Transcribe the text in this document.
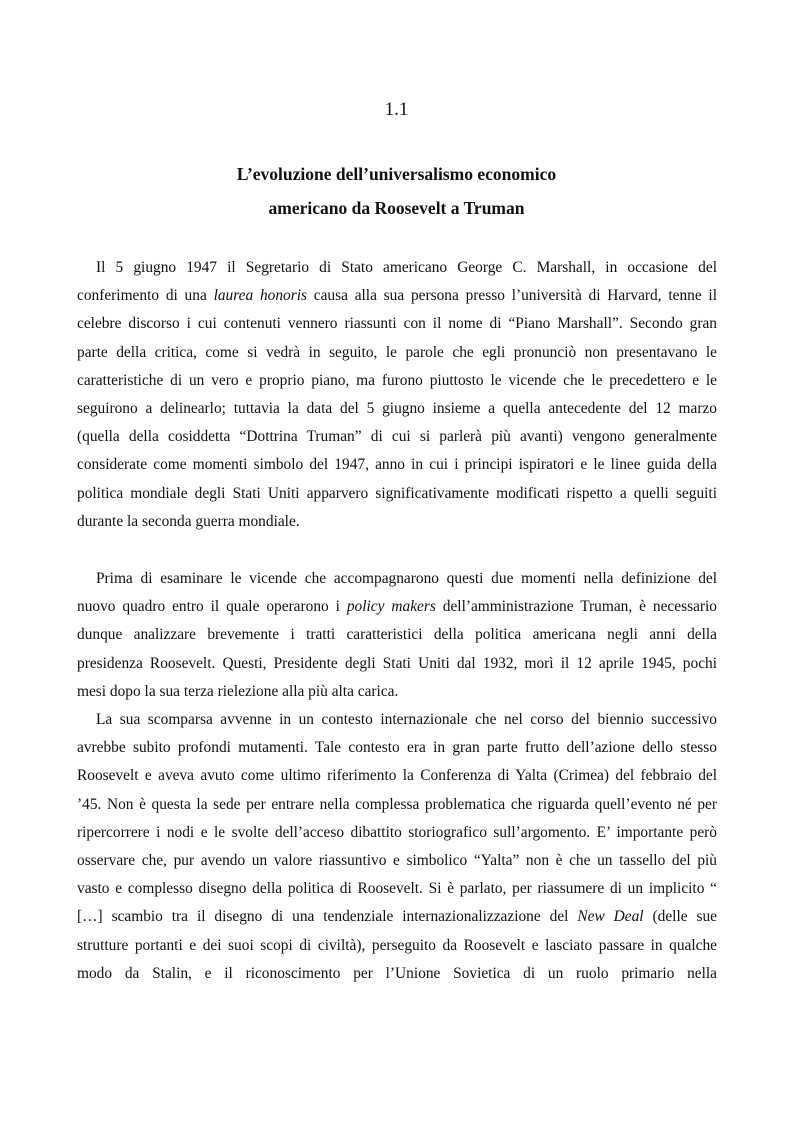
1.1
L’evoluzione dell’universalismo economico
americano da Roosevelt a Truman
Il 5 giugno 1947 il Segretario di Stato americano George C. Marshall, in occasione del
conferimento di una laurea honoris causa alla sua persona presso l’università di Harvard, tenne il
celebre discorso i cui contenuti vennero riassunti con il nome di “Piano Marshall”. Secondo gran
parte della critica, come si vedrà in seguito, le parole che egli pronunciò non presentavano le
caratteristiche di un vero e proprio piano, ma furono piuttosto le vicende che le precedettero e le
seguirono a delinearlo; tuttavia la data del 5 giugno insieme a quella antecedente del 12 marzo
(quella della cosiddetta “Dottrina Truman” di cui si parlerà più avanti) vengono generalmente
considerate come momenti simbolo del 1947, anno in cui i principi ispiratori e le linee guida della
politica mondiale degli Stati Uniti apparvero significativamente modificati rispetto a quelli seguiti
durante la seconda guerra mondiale.
Prima di esaminare le vicende che accompagnarono questi due momenti nella definizione del
nuovo quadro entro il quale operarono i policy makers dell’amministrazione Truman, è necessario
dunque analizzare brevemente i tratti caratteristici della politica americana negli anni della
presidenza Roosevelt. Questi, Presidente degli Stati Uniti dal 1932, morì il 12 aprile 1945, pochi
mesi dopo la sua terza rielezione alla più alta carica.
La sua scomparsa avvenne in un contesto internazionale che nel corso del biennio successivo
avrebbe subito profondi mutamenti. Tale contesto era in gran parte frutto dell’azione dello stesso
Roosevelt e aveva avuto come ultimo riferimento la Conferenza di Yalta (Crimea) del febbraio del
’45. Non è questa la sede per entrare nella complessa problematica che riguarda quell’evento né per
ripercorrere i nodi e le svolte dell’acceso dibattito storiografico sull’argomento. E’ importante però
osservare che, pur avendo un valore riassuntivo e simbolico “Yalta” non è che un tassello del più
vasto e complesso disegno della politica di Roosevelt. Si è parlato, per riassumere di un implicito “
[…] scambio tra il disegno di una tendenziale internazionalizzazione del New Deal (delle sue
strutture portanti e dei suoi scopi di civiltà), perseguito da Roosevelt e lasciato passare in qualche
modo da Stalin, e il riconoscimento per l’Unione Sovietica di un ruolo primario nella
